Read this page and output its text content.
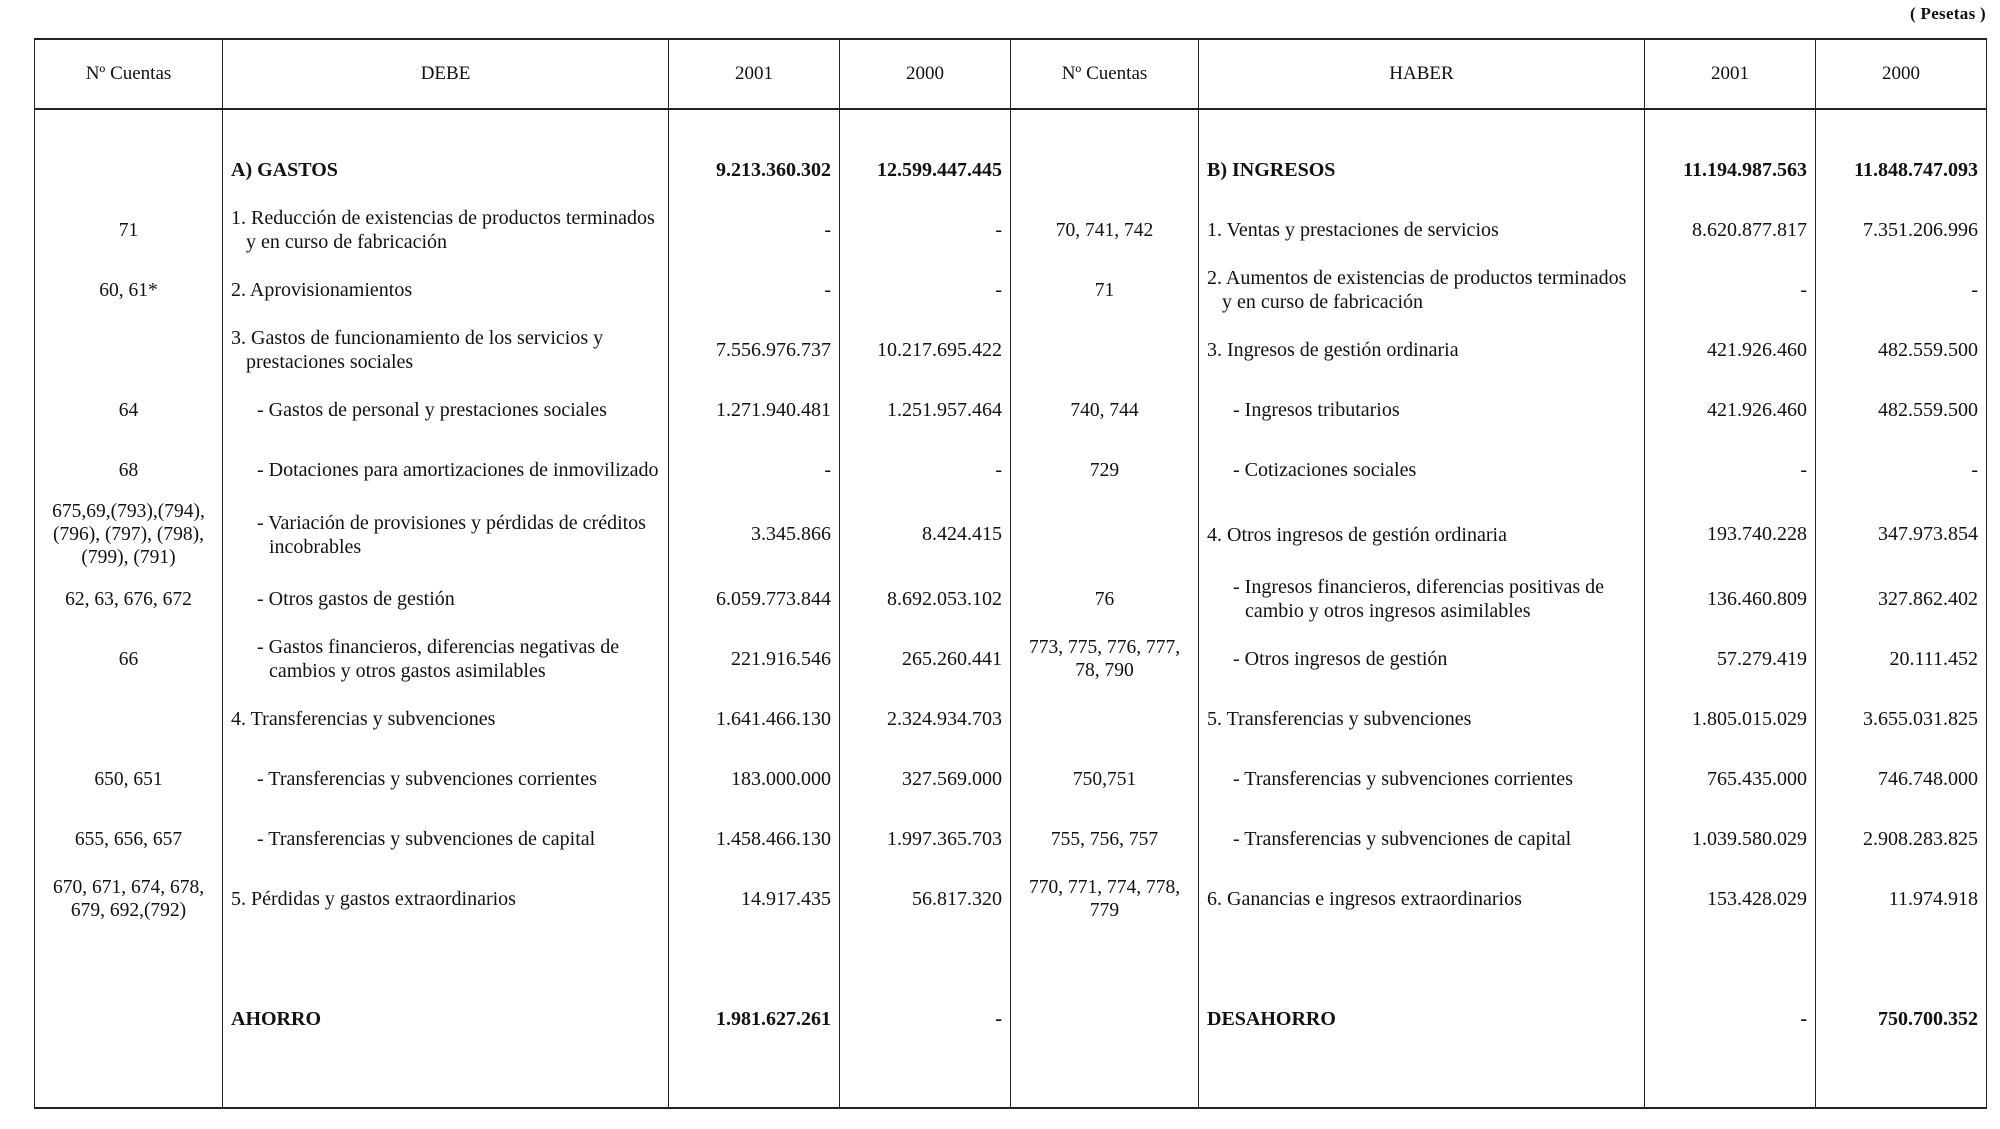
( Pesetas )
Nº Cuentas	DEBE	2001	2000	Nº Cuentas	HABER	2001	2000

	A) GASTOS	9.213.360.302	12.599.447.445		B) INGRESOS	11.194.987.563	11.848.747.093
71	1. Reducción de existencias de productos terminados y en curso de fabricación	-	-	70, 741, 742	1. Ventas y prestaciones de servicios	8.620.877.817	7.351.206.996
60, 61*	2. Aprovisionamientos	-	-	71	2. Aumentos de existencias de productos terminados y en curso de fabricación	-	-

	3. Gastos de funcionamiento de los servicios y prestaciones sociales	7.556.976.737	10.217.695.422		3. Ingresos de gestión ordinaria	421.926.460	482.559.500
64	- Gastos de personal y prestaciones sociales	1.271.940.481	1.251.957.464	740, 744	- Ingresos tributarios	421.926.460	482.559.500
68	- Dotaciones para amortizaciones de inmovilizado	-	-	729	- Cotizaciones sociales	-	-
675,69,(793),(794), (796), (797), (798), (799), (791)	- Variación de provisiones y pérdidas de créditos incobrables	3.345.866	8.424.415		4. Otros ingresos de gestión ordinaria	193.740.228	347.973.854
62, 63, 676, 672	- Otros gastos de gestión	6.059.773.844	8.692.053.102	76	- Ingresos financieros, diferencias positivas de cambio y otros ingresos asimilables	136.460.809	327.862.402
66	- Gastos financieros, diferencias negativas de cambios y otros gastos asimilables	221.916.546	265.260.441	773, 775, 776, 777, 78, 790	- Otros ingresos de gestión	57.279.419	20.111.452

	4. Transferencias y subvenciones	1.641.466.130	2.324.934.703		5. Transferencias y subvenciones	1.805.015.029	3.655.031.825
650, 651	- Transferencias y subvenciones corrientes	183.000.000	327.569.000	750,751	- Transferencias y subvenciones corrientes	765.435.000	746.748.000
655, 656, 657	- Transferencias y subvenciones de capital	1.458.466.130	1.997.365.703	755, 756, 757	- Transferencias y subvenciones de capital	1.039.580.029	2.908.283.825
670, 671, 674, 678, 679, 692,(792)	5. Pérdidas y gastos extraordinarios	14.917.435	56.817.320	770, 771, 774, 778, 779	6. Ganancias e ingresos extraordinarios	153.428.029	11.974.918

	AHORRO	1.981.627.261	-		DESAHORRO	-	750.700.352
